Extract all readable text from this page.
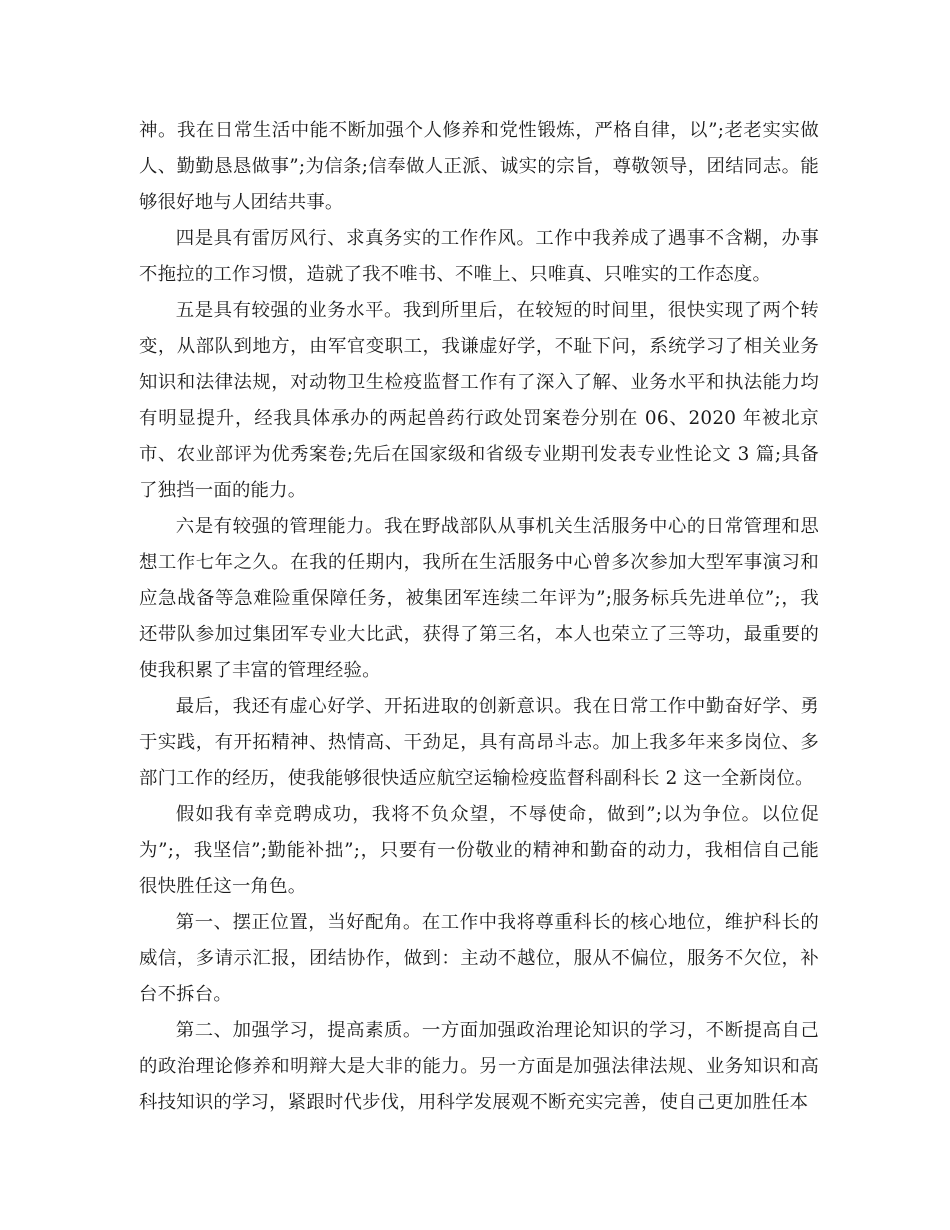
神。我在日常生活中能不断加强个人修养和党性锻炼，严格自律，以”;老老实实做人、勤勤恳恳做事”;为信条;信奉做人正派、诚实的宗旨，尊敬领导，团结同志。能够很好地与人团结共事。

四是具有雷厉风行、求真务实的工作作风。工作中我养成了遇事不含糊，办事不拖拉的工作习惯，造就了我不唯书、不唯上、只唯真、只唯实的工作态度。

五是具有较强的业务水平。我到所里后，在较短的时间里，很快实现了两个转变，从部队到地方，由军官变职工，我谦虚好学，不耻下问，系统学习了相关业务知识和法律法规，对动物卫生检疫监督工作有了深入了解、业务水平和执法能力均有明显提升，经我具体承办的两起兽药行政处罚案卷分别在 06、2020 年被北京市、农业部评为优秀案卷;先后在国家级和省级专业期刊发表专业性论文 3 篇;具备了独挡一面的能力。

六是有较强的管理能力。我在野战部队从事机关生活服务中心的日常管理和思想工作七年之久。在我的任期内，我所在生活服务中心曾多次参加大型军事演习和应急战备等急难险重保障任务，被集团军连续二年评为”;服务标兵先进单位”;，我还带队参加过集团军专业大比武，获得了第三名，本人也荣立了三等功，最重要的使我积累了丰富的管理经验。

最后，我还有虚心好学、开拓进取的创新意识。我在日常工作中勤奋好学、勇于实践，有开拓精神、热情高、干劲足，具有高昂斗志。加上我多年来多岗位、多部门工作的经历，使我能够很快适应航空运输检疫监督科副科长 2 这一全新岗位。

假如我有幸竞聘成功，我将不负众望，不辱使命，做到”;以为争位。以位促为”;，我坚信”;勤能补拙”;，只要有一份敬业的精神和勤奋的动力，我相信自己能很快胜任这一角色。

第一、摆正位置，当好配角。在工作中我将尊重科长的核心地位，维护科长的威信，多请示汇报，团结协作，做到：主动不越位，服从不偏位，服务不欠位，补台不拆台。

第二、加强学习，提高素质。一方面加强政治理论知识的学习，不断提高自己的政治理论修养和明辩大是大非的能力。另一方面是加强法律法规、业务知识和高科技知识的学习，紧跟时代步伐，用科学发展观不断充实完善，使自己更加胜任本
